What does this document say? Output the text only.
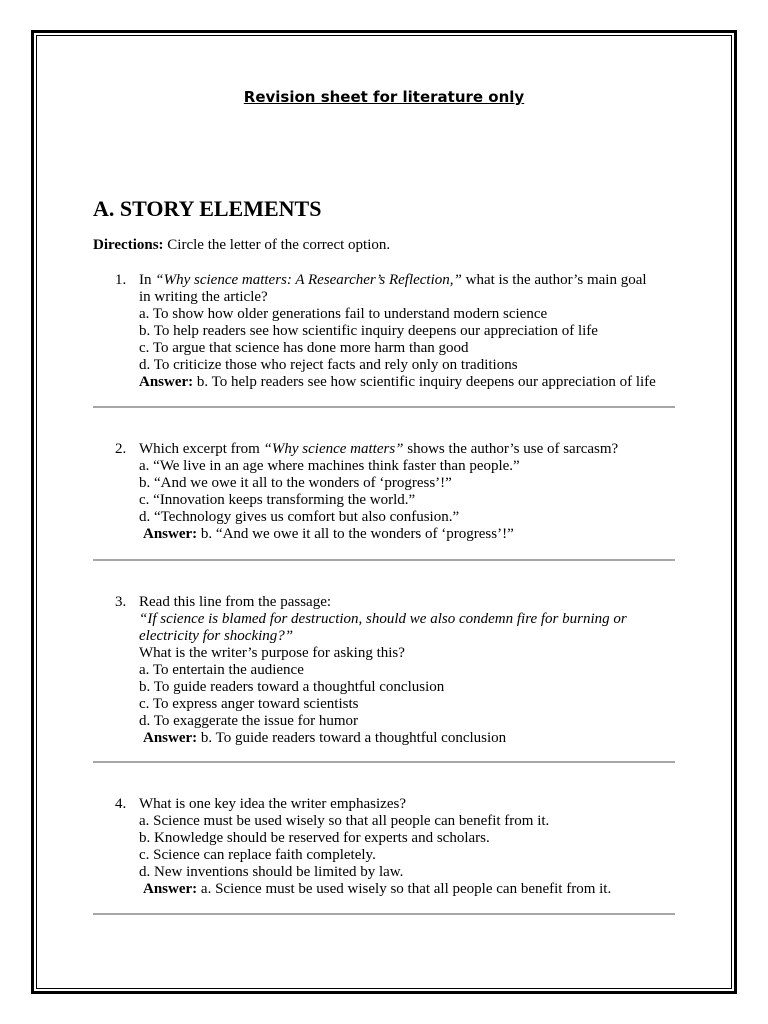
Revision sheet for literature only
A. STORY ELEMENTS
Directions: Circle the letter of the correct option.
1. In “Why science matters: A Researcher’s Reflection,” what is the author’s main goal
in writing the article?
a. To show how older generations fail to understand modern science
b. To help readers see how scientific inquiry deepens our appreciation of life
c. To argue that science has done more harm than good
d. To criticize those who reject facts and rely only on traditions
Answer: b. To help readers see how scientific inquiry deepens our appreciation of life
2. Which excerpt from “Why science matters” shows the author’s use of sarcasm?
a. “We live in an age where machines think faster than people.”
b. “And we owe it all to the wonders of ‘progress’!”
c. “Innovation keeps transforming the world.”
d. “Technology gives us comfort but also confusion.”
Answer: b. “And we owe it all to the wonders of ‘progress’!”
3. Read this line from the passage:
“If science is blamed for destruction, should we also condemn fire for burning or
electricity for shocking?”
What is the writer’s purpose for asking this?
a. To entertain the audience
b. To guide readers toward a thoughtful conclusion
c. To express anger toward scientists
d. To exaggerate the issue for humor
Answer: b. To guide readers toward a thoughtful conclusion
4. What is one key idea the writer emphasizes?
a. Science must be used wisely so that all people can benefit from it.
b. Knowledge should be reserved for experts and scholars.
c. Science can replace faith completely.
d. New inventions should be limited by law.
Answer: a. Science must be used wisely so that all people can benefit from it.
